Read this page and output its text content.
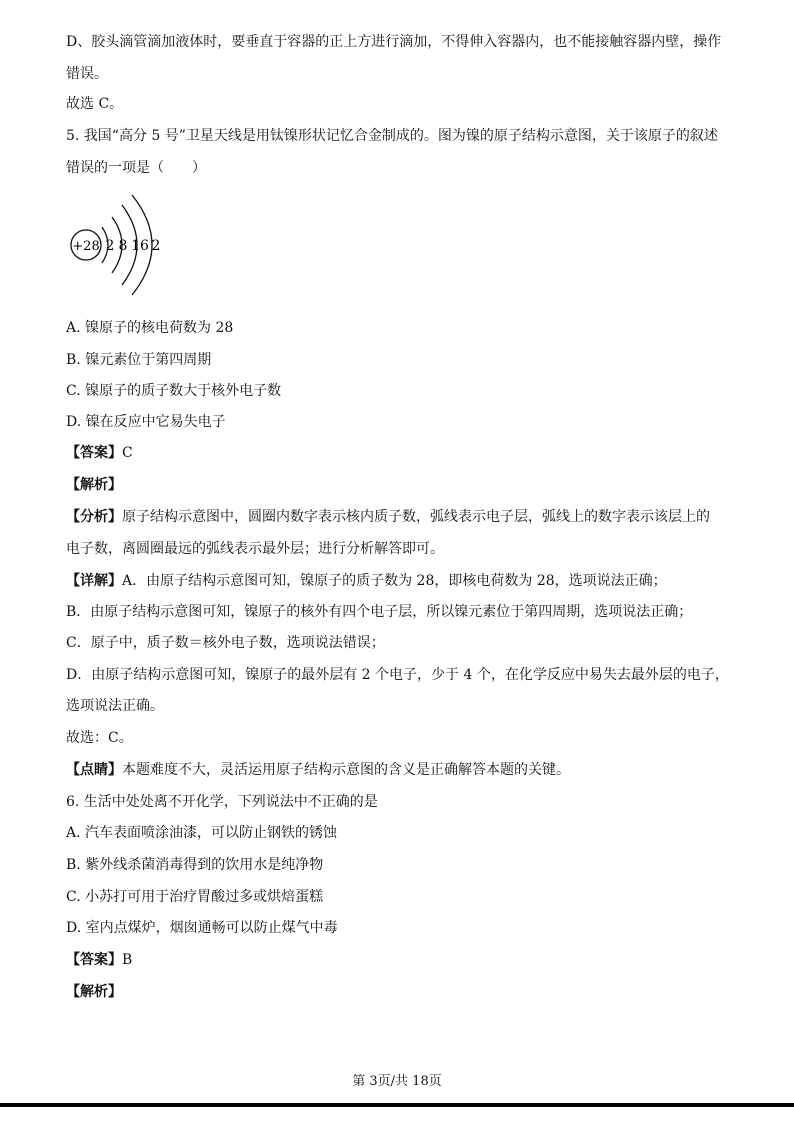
D、胶头滴管滴加液体时，要垂直于容器的正上方进行滴加，不得伸入容器内，也不能接触容器内壁，操作
错误。
故选 C。
5. 我国“高分 5 号”卫星天线是用钛镍形状记忆合金制成的。图为镍的原子结构示意图，关于该原子的叙述
错误的一项是（　　）
+28 2 8 16 2
A. 镍原子的核电荷数为 28
B. 镍元素位于第四周期
C. 镍原子的质子数大于核外电子数
D. 镍在反应中它易失电子
【答案】C
【解析】
【分析】原子结构示意图中，圆圈内数字表示核内质子数，弧线表示电子层，弧线上的数字表示该层上的
电子数，离圆圈最远的弧线表示最外层；进行分析解答即可。
【详解】A．由原子结构示意图可知，镍原子的质子数为 28，即核电荷数为 28，选项说法正确；
B．由原子结构示意图可知，镍原子的核外有四个电子层，所以镍元素位于第四周期，选项说法正确；
C．原子中，质子数＝核外电子数，选项说法错误；
D．由原子结构示意图可知，镍原子的最外层有 2 个电子，少于 4 个，在化学反应中易失去最外层的电子，
选项说法正确。
故选：C。
【点睛】本题难度不大，灵活运用原子结构示意图的含义是正确解答本题的关键。
6. 生活中处处离不开化学，下列说法中不正确的是
A. 汽车表面喷涂油漆，可以防止钢铁的锈蚀
B. 紫外线杀菌消毒得到的饮用水是纯净物
C. 小苏打可用于治疗胃酸过多或烘焙蛋糕
D. 室内点煤炉，烟囱通畅可以防止煤气中毒
【答案】B
【解析】
第 3页/共 18页
